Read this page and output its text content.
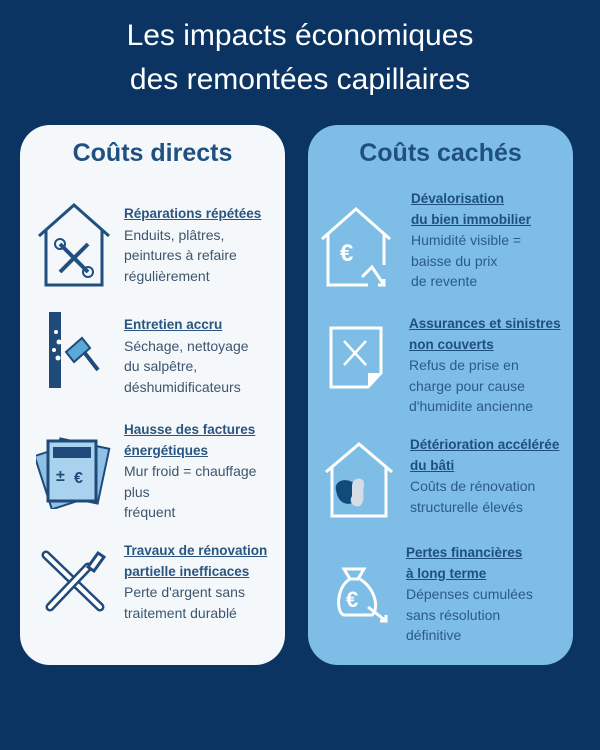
Les impacts économiques
des remontées capillaires
Coûts directs
Réparations répétées
Enduits, plâtres,
peintures à refaire
régulièrement
Entretien accru
Séchage, nettoyage
du salpêtre,
déshumidificateurs
± €
Hausse des factures
énergétiques
Mur froid = chauffage
plus
fréquent
Travaux de rénovation
partielle inefficaces
Perte d'argent sans
traitement durablé
Coûts cachés
€
Dévalorisation
du bien immobilier
Humidité visible =
baisse du prix
de revente
Assurances et sinistres
non couverts
Refus de prise en
charge pour cause
d'humidite ancienne
Détérioration accélérée
du bâti
Coûts de rénovation
structurelle élevés
€
Pertes financières
à long terme
Dépenses cumulées
sans résolution
définitive
